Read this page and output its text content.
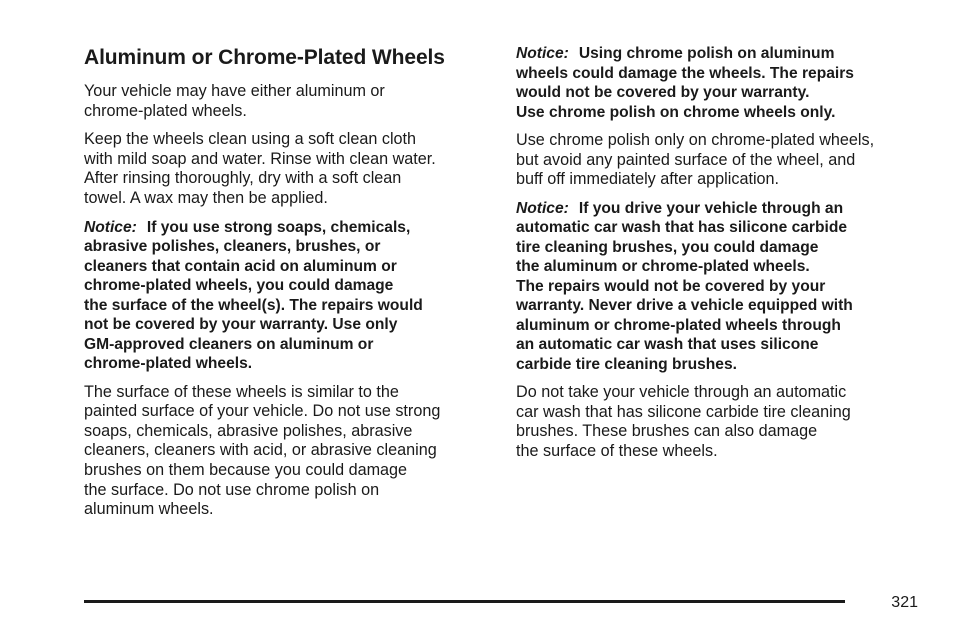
Aluminum or Chrome-Plated Wheels

Your vehicle may have either aluminum or
chrome-plated wheels.

Keep the wheels clean using a soft clean cloth
with mild soap and water. Rinse with clean water.
After rinsing thoroughly, dry with a soft clean
towel. A wax may then be applied.

Notice: If you use strong soaps, chemicals,
abrasive polishes, cleaners, brushes, or
cleaners that contain acid on aluminum or
chrome-plated wheels, you could damage
the surface of the wheel(s). The repairs would
not be covered by your warranty. Use only
GM-approved cleaners on aluminum or
chrome-plated wheels.

The surface of these wheels is similar to the
painted surface of your vehicle. Do not use strong
soaps, chemicals, abrasive polishes, abrasive
cleaners, cleaners with acid, or abrasive cleaning
brushes on them because you could damage
the surface. Do not use chrome polish on
aluminum wheels.

Notice: Using chrome polish on aluminum
wheels could damage the wheels. The repairs
would not be covered by your warranty.
Use chrome polish on chrome wheels only.

Use chrome polish only on chrome-plated wheels,
but avoid any painted surface of the wheel, and
buff off immediately after application.

Notice: If you drive your vehicle through an
automatic car wash that has silicone carbide
tire cleaning brushes, you could damage
the aluminum or chrome-plated wheels.
The repairs would not be covered by your
warranty. Never drive a vehicle equipped with
aluminum or chrome-plated wheels through
an automatic car wash that uses silicone
carbide tire cleaning brushes.

Do not take your vehicle through an automatic
car wash that has silicone carbide tire cleaning
brushes. These brushes can also damage
the surface of these wheels.

321
